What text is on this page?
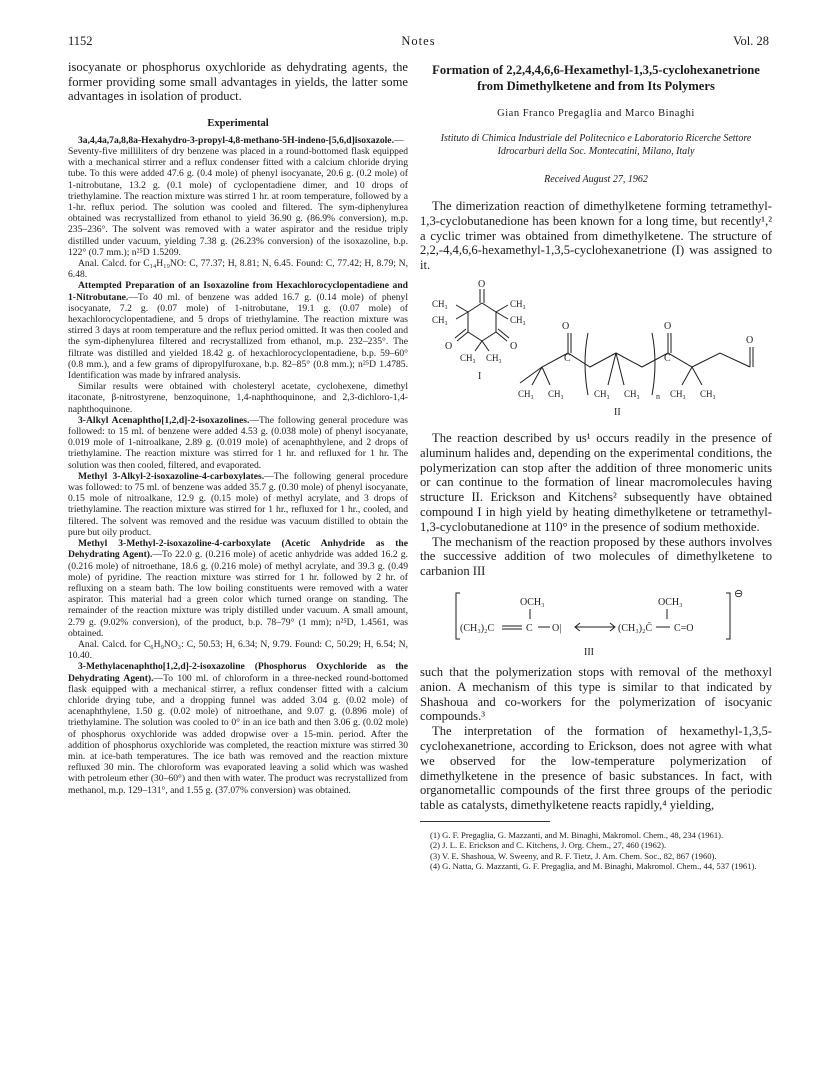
1152	Notes	Vol. 28

isocyanate or phosphorus oxychloride as dehydrating agents, the former providing some small advantages in yields, the latter some advantages in isolation of product.

Experimental

3a,4,4a,7a,8,8a-Hexahydro-3-propyl-4,8-methano-5H-indeno-[5,6,d]isoxazole.—Seventy-five milliliters of dry benzene was placed in a round-bottomed flask equipped with a mechanical stirrer and a reflux condenser fitted with a calcium chloride drying tube. To this were added 47.6 g. (0.4 mole) of phenyl isocyanate, 20.6 g. (0.2 mole) of 1-nitrobutane, 13.2 g. (0.1 mole) of cyclopentadiene dimer, and 10 drops of triethylamine. The reaction mixture was stirred 1 hr. at room temperature, followed by a 1-hr. reflux period. The solution was cooled and filtered. The sym-diphenylurea obtained was recrystallized from ethanol to yield 36.90 g. (86.9% conversion), m.p. 235–236°. The solvent was removed with a water aspirator and the residue triply distilled under vacuum, yielding 7.38 g. (26.23% conversion) of the isoxazoline, b.p. 122° (0.7 mm.); n²⁵D 1.5209.

Anal. Calcd. for C₁₄H₁₉NO: C, 77.37; H, 8.81; N, 6.45. Found: C, 77.42; H, 8.79; N, 6.48.

Attempted Preparation of an Isoxazoline from Hexachlorocyclopentadiene and 1-Nitrobutane.—To 40 ml. of benzene was added 16.7 g. (0.14 mole) of phenyl isocyanate, 7.2 g. (0.07 mole) of 1-nitrobutane, 19.1 g. (0.07 mole) of hexachlorocyclopentadiene, and 5 drops of triethylamine. The reaction mixture was stirred 3 days at room temperature and the reflux period omitted. It was then cooled and the sym-diphenylurea filtered and recrystallized from ethanol, m.p. 232–235°. The filtrate was distilled and yielded 18.42 g. of hexachlorocyclopentadiene, b.p. 59–60° (0.8 mm.), and a few grams of dipropylfuroxane, b.p. 82–85° (0.8 mm.); n²⁵D 1.4785. Identification was made by infrared analysis.

Similar results were obtained with cholesteryl acetate, cyclohexene, dimethyl itaconate, β-nitrostyrene, benzoquinone, 1,4-naphthoquinone, and 2,3-dichloro-1,4-naphthoquinone.

3-Alkyl Acenaphtho[1,2,d]-2-isoxazolines.—The following general procedure was followed: to 15 ml. of benzene were added 4.53 g. (0.038 mole) of phenyl isocyanate, 0.019 mole of 1-nitroalkane, 2.89 g. (0.019 mole) of acenaphthylene, and 2 drops of triethylamine. The reaction mixture was stirred for 1 hr. and refluxed for 1 hr. The solution was then cooled, filtered, and evaporated.

Methyl 3-Alkyl-2-isoxazoline-4-carboxylates.—The following general procedure was followed: to 75 ml. of benzene was added 35.7 g. (0.30 mole) of phenyl isocyanate, 0.15 mole of nitroalkane, 12.9 g. (0.15 mole) of methyl acrylate, and 3 drops of triethylamine. The reaction mixture was stirred for 1 hr., refluxed for 1 hr., cooled, and filtered. The solvent was removed and the residue was vacuum distilled to obtain the pure but oily product.

Methyl 3-Methyl-2-isoxazoline-4-carboxylate (Acetic Anhydride as the Dehydrating Agent).—To 22.0 g. (0.216 mole) of acetic anhydride was added 16.2 g. (0.216 mole) of nitroethane, 18.6 g. (0.216 mole) of methyl acrylate, and 39.3 g. (0.49 mole) of pyridine. The reaction mixture was stirred for 1 hr. followed by 2 hr. of refluxing on a steam bath. The low boiling constituents were removed with a water aspirator. This material had a green color which turned orange on standing. The remainder of the reaction mixture was triply distilled under vacuum. A small amount, 2.79 g. (9.02% conversion), of the product, b.p. 78–79° (1 mm); n²⁵D, 1.4561, was obtained.

Anal. Calcd. for C₆H₉NO₃: C, 50.53; H, 6.34; N, 9.79. Found: C, 50.29; H, 6.54; N, 10.40.

3-Methylacenaphtho[1,2,d]-2-isoxazoline (Phosphorus Oxychloride as the Dehydrating Agent).—To 100 ml. of chloroform in a three-necked round-bottomed flask equipped with a mechanical stirrer, a reflux condenser fitted with a calcium chloride drying tube, and a dropping funnel was added 3.04 g. (0.02 mole) of acenaphthylene, 1.50 g. (0.02 mole) of nitroethane, and 9.07 g. (0.896 mole) of triethylamine. The solution was cooled to 0° in an ice bath and then 3.06 g. (0.02 mole) of phosphorus oxychloride was added dropwise over a 15-min. period. After the addition of phosphorus oxychloride was completed, the reaction mixture was stirred 30 min. at ice-bath temperatures. The ice bath was removed and the reaction mixture refluxed 30 min. The chloroform was evaporated leaving a solid which was washed with petroleum ether (30–60°) and then with water. The product was recrystallized from methanol, m.p. 129–131°, and 1.55 g. (37.07% conversion) was obtained.

Formation of 2,2,4,4,6,6-Hexamethyl-1,3,5-cyclohexanetrione from Dimethylketene and from Its Polymers
Gian Franco Pregaglia and Marco Binaghi
Istituto di Chimica Industriale del Politecnico e Laboratorio Ricerche Settore Idrocarburi della Soc. Montecatini, Milano, Italy
Received August 27, 1962

The dimerization reaction of dimethylketene forming tetramethyl-1,3-cyclobutanedione has been known for a long time, but recently¹,² a cyclic trimer was obtained from dimethylketene. The structure of 2,2,-4,4,6,6-hexamethyl-1,3,5-cyclohexanetrione (I) was assigned to it.

O
O	O
CH₃
CH₃
CH₃
CH₃
CH₃ CH₃
I
O	O
O
C	C
n
CH₃ CH₃	CH₃ CH₃	CH₃ CH₃
II

The reaction described by us¹ occurs readily in the presence of aluminum halides and, depending on the experimental conditions, the polymerization can stop after the addition of three monomeric units or can continue to the formation of linear macromolecules having structure II. Erickson and Kitchens² subsequently have obtained compound I in high yield by heating dimethylketene or tetramethyl-1,3-cyclobutanedione at 110° in the presence of sodium methoxide.

The mechanism of the reaction proposed by these authors involves the successive addition of two molecules of dimethylketene to carbanion III

OCH₃	OCH₃
(CH₃)₂C	C O|	(CH₃)₂C̄ C=O
⊖
III

such that the polymerization stops with removal of the methoxyl anion. A mechanism of this type is similar to that indicated by Shashoua and co-workers for the polymerization of isocyanic compounds.³

The interpretation of the formation of hexamethyl-1,3,5-cyclohexanetrione, according to Erickson, does not agree with what we observed for the low-temperature polymerization of dimethylketene in the presence of basic substances. In fact, with organometallic compounds of the first three groups of the periodic table as catalysts, dimethylketene reacts rapidly,⁴ yielding,

(1) G. F. Pregaglia, G. Mazzanti, and M. Binaghi, Makromol. Chem., 48, 234 (1961).

(2) J. L. E. Erickson and C. Kitchens, J. Org. Chem., 27, 460 (1962).

(3) V. E. Shashoua, W. Sweeny, and R. F. Tietz, J. Am. Chem. Soc., 82, 867 (1960).

(4) G. Natta, G. Mazzanti, G. F. Pregaglia, and M. Binaghi, Makromol. Chem., 44, 537 (1961).
